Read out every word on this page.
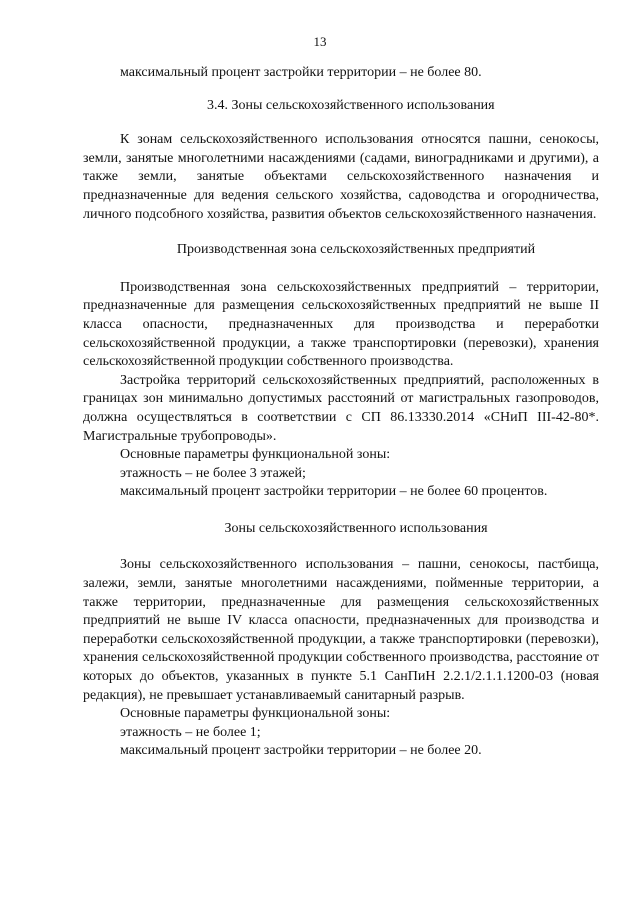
13

максимальный процент застройки территории – не более 80.

3.4. Зоны сельскохозяйственного использования

К зонам сельскохозяйственного использования относятся пашни, сенокосы, земли, занятые многолетними насаждениями (садами, виноградниками и другими), а также земли, занятые объектами сельскохозяйственного назначения и предназначенные для ведения сельского хозяйства, садоводства и огородничества, личного подсобного хозяйства, развития объектов сельскохозяйственного назначения.

Производственная зона сельскохозяйственных предприятий

Производственная зона сельскохозяйственных предприятий – территории, предназначенные для размещения сельскохозяйственных предприятий не выше II класса опасности, предназначенных для производства и переработки сельскохозяйственной продукции, а также транспортировки (перевозки), хранения сельскохозяйственной продукции собственного производства.

Застройка территорий сельскохозяйственных предприятий, расположенных в границах зон минимально допустимых расстояний от магистральных газопроводов, должна осуществляться в соответствии с СП 86.13330.2014 «СНиП III-42-80*. Магистральные трубопроводы».

Основные параметры функциональной зоны:

этажность – не более 3 этажей;

максимальный процент застройки территории – не более 60 процентов.

Зоны сельскохозяйственного использования

Зоны сельскохозяйственного использования – пашни, сенокосы, пастбища, залежи, земли, занятые многолетними насаждениями, пойменные территории, а также территории, предназначенные для размещения сельскохозяйственных предприятий не выше IV класса опасности, предназначенных для производства и переработки сельскохозяйственной продукции, а также транспортировки (перевозки), хранения сельскохозяйственной продукции собственного производства, расстояние от которых до объектов, указанных в пункте 5.1 СанПиН 2.2.1/2.1.1.1200-03 (новая редакция), не превышает устанавливаемый санитарный разрыв.

Основные параметры функциональной зоны:

этажность – не более 1;

максимальный процент застройки территории – не более 20.
